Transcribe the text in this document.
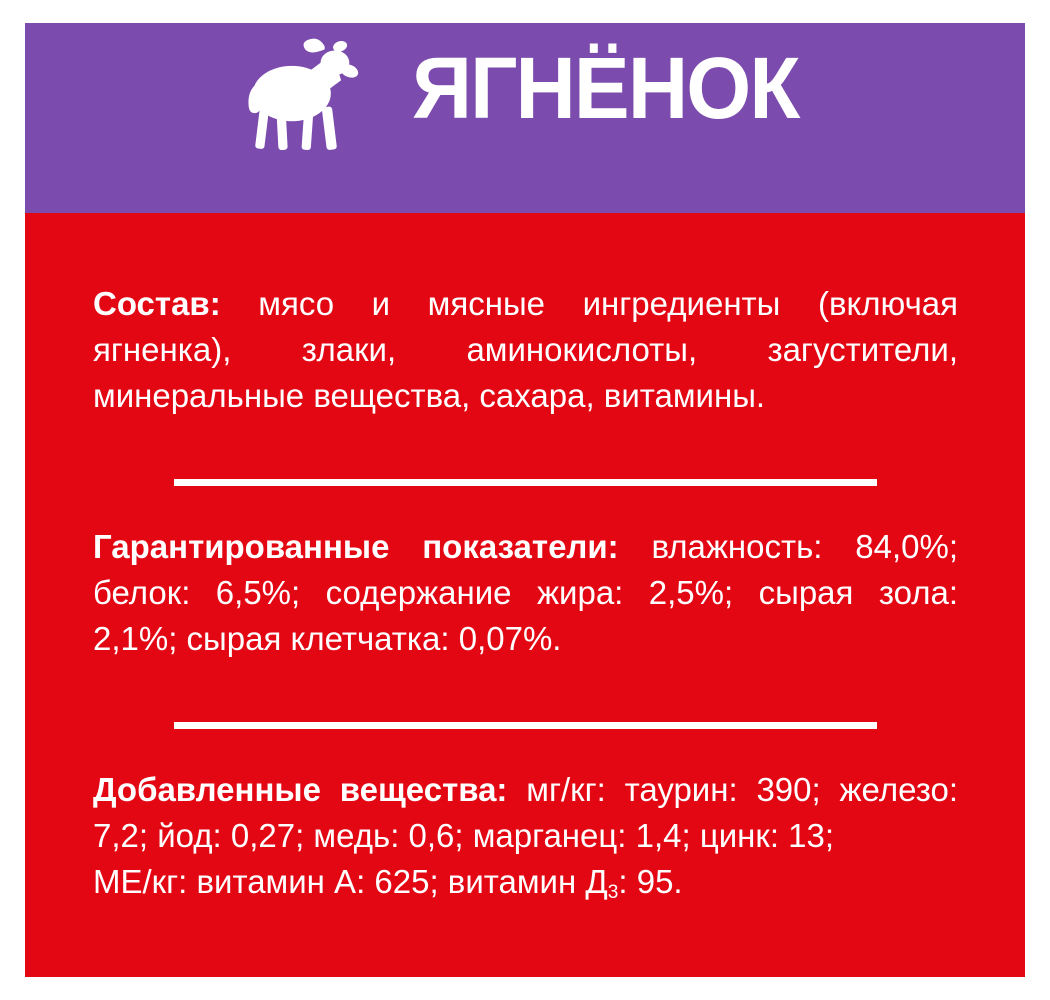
ЯГНЁНОК
Состав: мясо и мясные ингредиенты (включая
ягненка), злаки, аминокислоты, загустители,
минеральные вещества, сахара, витамины.
Гарантированные показатели: влажность: 84,0%;
белок: 6,5%; содержание жира: 2,5%; сырая зола:
2,1%; сырая клетчатка: 0,07%.
Добавленные вещества: мг/кг: таурин: 390; железо:
7,2; йод: 0,27; медь: 0,6; марганец: 1,4; цинк: 13;
МЕ/кг: витамин А: 625; витамин Д3: 95.
